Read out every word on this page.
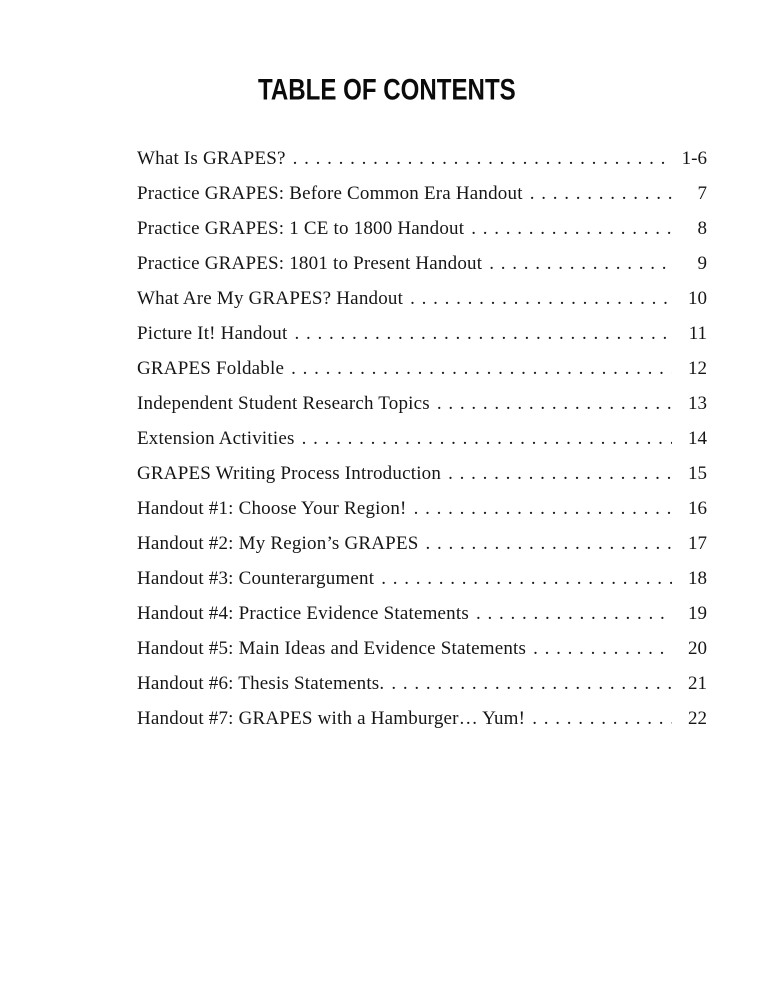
TABLE OF CONTENTS
What Is GRAPES? . . .	1-6
Practice GRAPES: Before Common Era Handout . . .	7
Practice GRAPES: 1 CE to 1800 Handout . . .	8
Practice GRAPES: 1801 to Present Handout . . .	9
What Are My GRAPES? Handout . . .	10
Picture It! Handout . . .	11
GRAPES Foldable . . .	12
Independent Student Research Topics . . .	13
Extension Activities . . .	14
GRAPES Writing Process Introduction . . .	15
Handout #1: Choose Your Region! . . .	16
Handout #2: My Region’s GRAPES . . .	17
Handout #3: Counterargument . . .	18
Handout #4: Practice Evidence Statements . . .	19
Handout #5: Main Ideas and Evidence Statements . . .	20
Handout #6: Thesis Statements. . . .	21
Handout #7: GRAPES with a Hamburger… Yum! . . .	22
